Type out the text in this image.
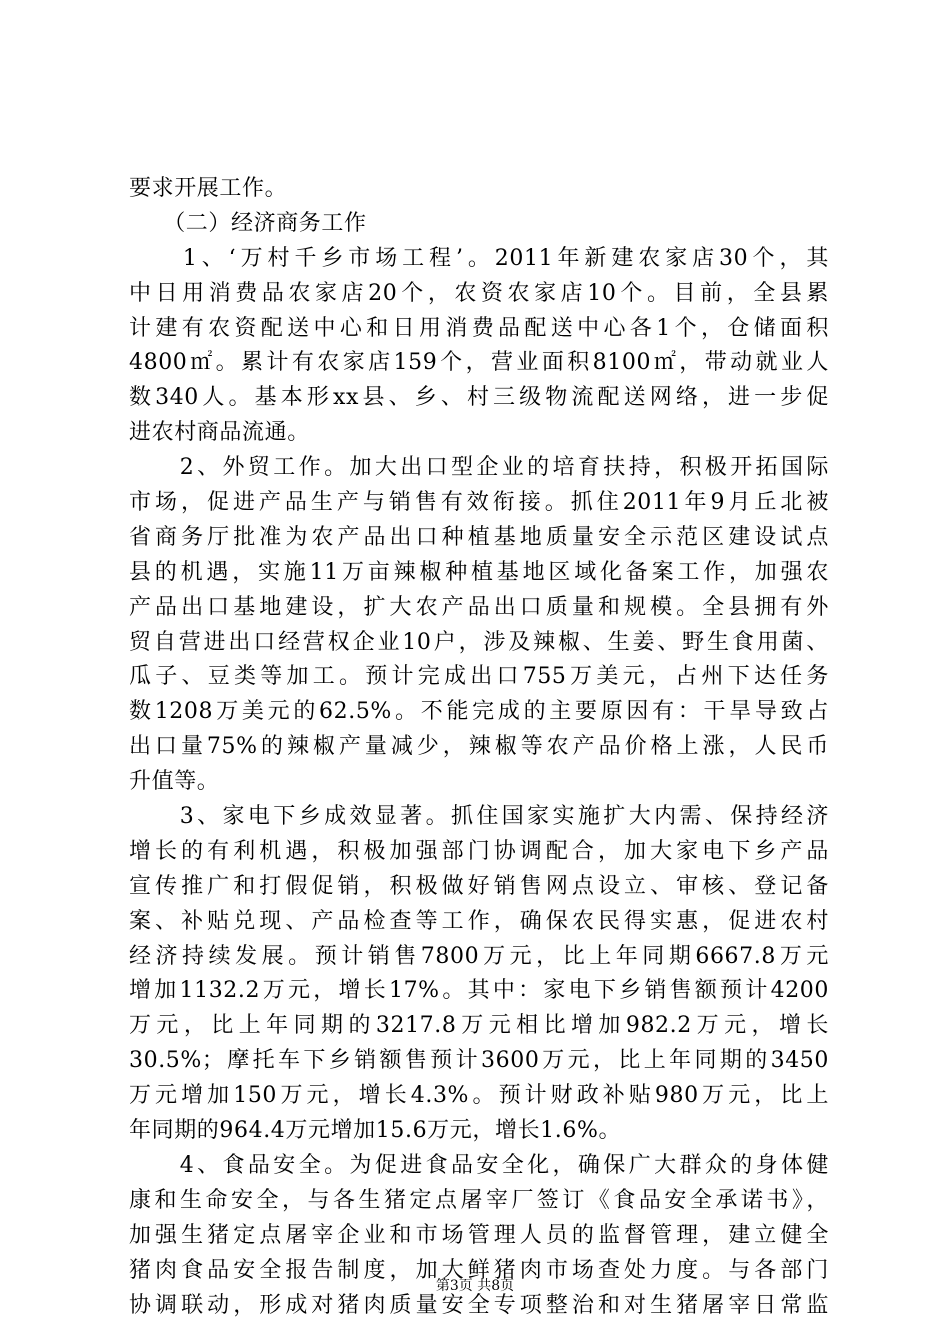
要求开展工作。
　　（二）经济商务工作
　　1、‘万村千乡市场工程’。2011年新建农家店30个，其
中日用消费品农家店20个，农资农家店10个。目前，全县累
计建有农资配送中心和日用消费品配送中心各1个，仓储面积
4800㎡。累计有农家店159个，营业面积8100㎡，带动就业人
数340人。基本形xx县、乡、村三级物流配送网络，进一步促
进农村商品流通。
　　2、外贸工作。加大出口型企业的培育扶持，积极开拓国际
市场，促进产品生产与销售有效衔接。抓住2011年9月丘北被
省商务厅批准为农产品出口种植基地质量安全示范区建设试点
县的机遇，实施11万亩辣椒种植基地区域化备案工作，加强农
产品出口基地建设，扩大农产品出口质量和规模。全县拥有外
贸自营进出口经营权企业10户，涉及辣椒、生姜、野生食用菌、
瓜子、豆类等加工。预计完成出口755万美元，占州下达任务
数1208万美元的62.5%。不能完成的主要原因有：干旱导致占
出口量75%的辣椒产量减少，辣椒等农产品价格上涨，人民币
升值等。
　　3、家电下乡成效显著。抓住国家实施扩大内需、保持经济
增长的有利机遇，积极加强部门协调配合，加大家电下乡产品
宣传推广和打假促销，积极做好销售网点设立、审核、登记备
案、补贴兑现、产品检查等工作，确保农民得实惠，促进农村
经济持续发展。预计销售7800万元，比上年同期6667.8万元
增加1132.2万元，增长17%。其中：家电下乡销售额预计4200
万元，比上年同期的3217.8万元相比增加982.2万元，增长
30.5%；摩托车下乡销额售预计3600万元，比上年同期的3450
万元增加150万元，增长4.3%。预计财政补贴980万元，比上
年同期的964.4万元增加15.6万元，增长1.6%。
　　4、食品安全。为促进食品安全化，确保广大群众的身体健
康和生命安全，与各生猪定点屠宰厂签订《食品安全承诺书》，
加强生猪定点屠宰企业和市场管理人员的监督管理，建立健全
猪肉食品安全报告制度，加大鲜猪肉市场查处力度。与各部门
协调联动，形成对猪肉质量安全专项整治和对生猪屠宰日常监
第3页 共8页
